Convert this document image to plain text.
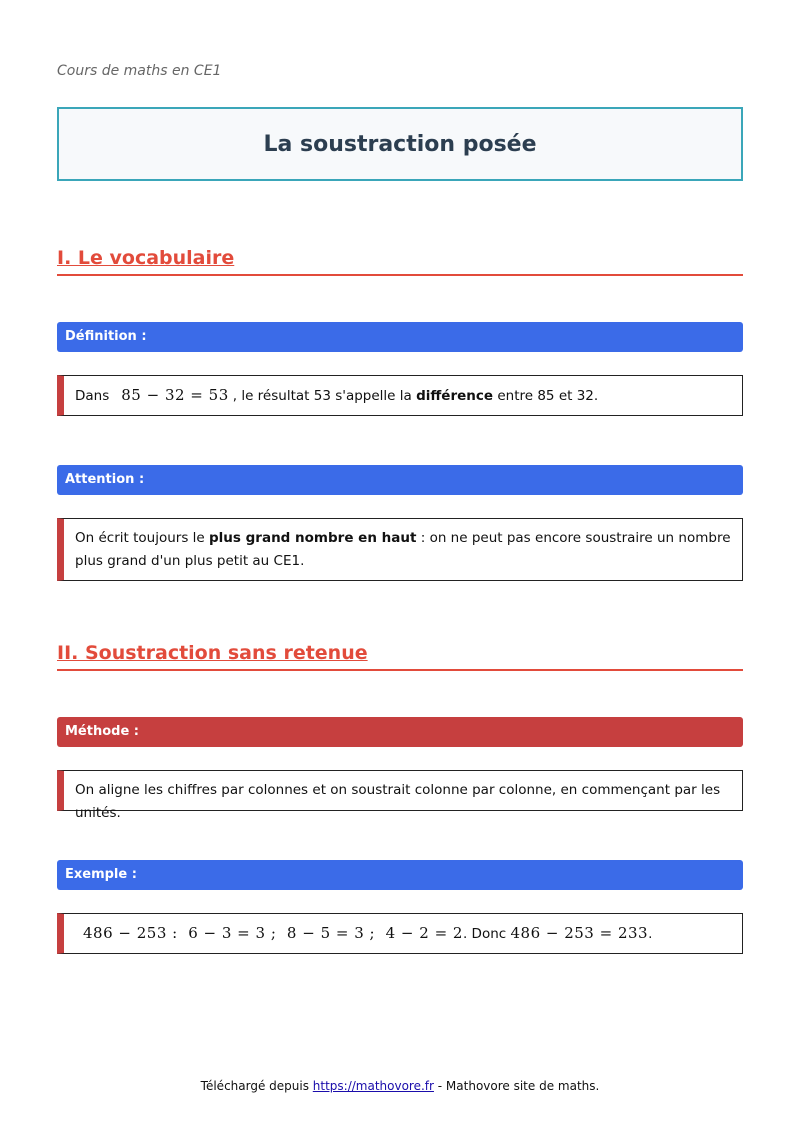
Cours de maths en CE1
La soustraction posée
I. Le vocabulaire
Définition :
Dans 85 − 32 = 53 , le résultat 53 s'appelle la différence entre 85 et 32.
Attention :
On écrit toujours le plus grand nombre en haut : on ne peut pas encore soustraire un nombre plus grand d'un plus petit au CE1.
II. Soustraction sans retenue
Méthode :
On aligne les chiffres par colonnes et on soustrait colonne par colonne, en commençant par les unités.
Exemple :
486 − 253 :  6 − 3 = 3 ;  8 − 5 = 3 ;  4 − 2 = 2. Donc 486 − 253 = 233.
Téléchargé depuis https://mathovore.fr - Mathovore site de maths.
